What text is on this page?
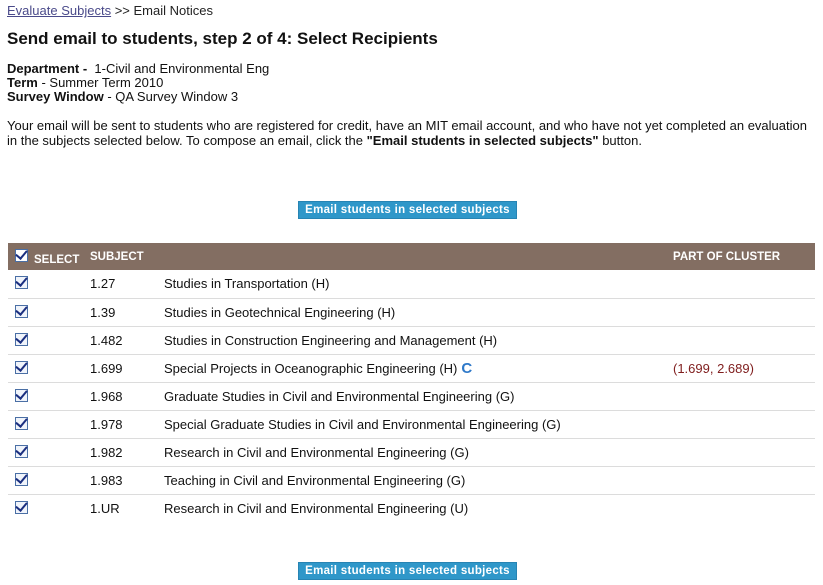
Evaluate Subjects >> Email Notices
Send email to students, step 2 of 4: Select Recipients
Department - 1-Civil and Environmental Eng
Term - Summer Term 2010
Survey Window - QA Survey Window 3
Your email will be sent to students who are registered for credit, have an MIT email account, and who have not yet completed an evaluation in the subjects selected below. To compose an email, click the "Email students in selected subjects" button.
Email students in selected subjects
SELECT	SUBJECT		PART OF CLUSTER
	1.27	Studies in Transportation (H)	
	1.39	Studies in Geotechnical Engineering (H)	
	1.482	Studies in Construction Engineering and Management (H)	
	1.699	Special Projects in Oceanographic Engineering (H) C	(1.699, 2.689)
	1.968	Graduate Studies in Civil and Environmental Engineering (G)	
	1.978	Special Graduate Studies in Civil and Environmental Engineering (G)	
	1.982	Research in Civil and Environmental Engineering (G)	
	1.983	Teaching in Civil and Environmental Engineering (G)	
	1.UR	Research in Civil and Environmental Engineering (U)	
Email students in selected subjects
